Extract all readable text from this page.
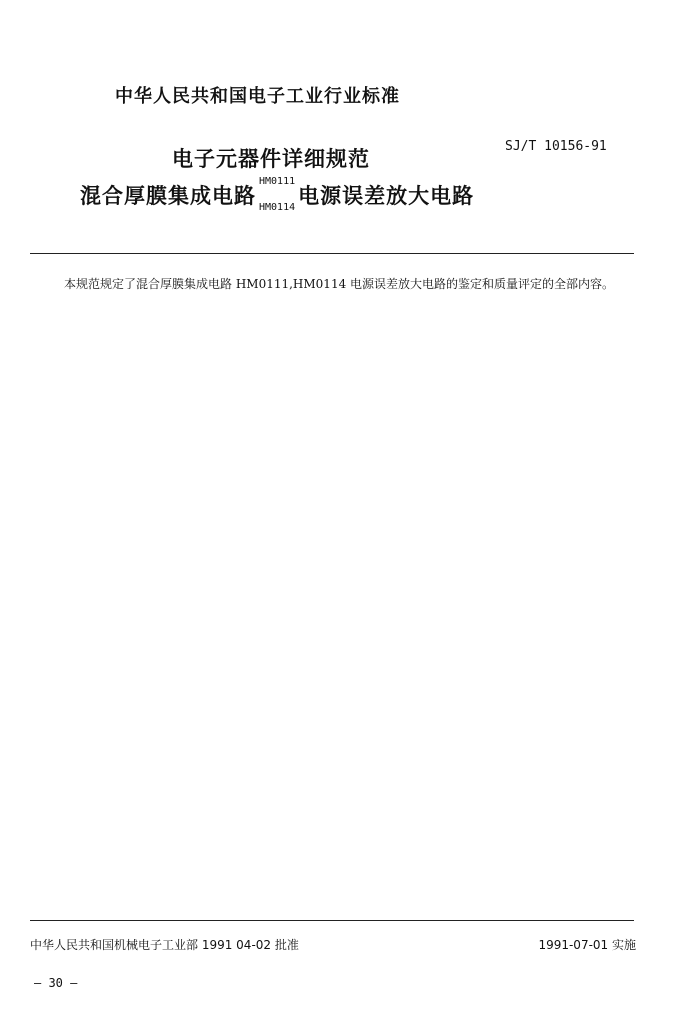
中华人民共和国电子工业行业标准
电子元器件详细规范
SJ/T 10156-91
混合厚膜集成电路
HM0111
HM0114 电源误差放大电路
本规范规定了混合厚膜集成电路 HM0111,HM0114 电源误差放大电路的鉴定和质量评定的全部内容。
中华人民共和国机械电子工业部 1991 04-02 批准	1991-07-01 实施
— 30 —
